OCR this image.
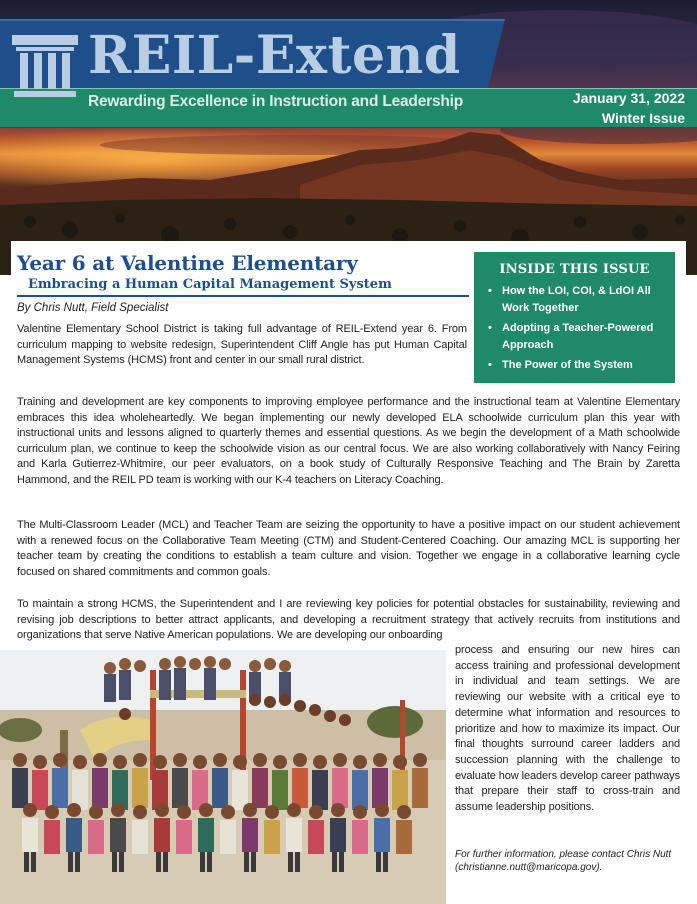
REIL-Extend
Rewarding Excellence in Instruction and Leadership	January 31, 2022
Winter Issue
Year 6 at Valentine Elementary
Embracing a Human Capital Management System
By Chris Nutt, Field Specialist

Valentine Elementary School District is taking full advantage of REIL-Extend year 6. From curriculum mapping to website redesign, Superintendent Cliff Angle has put Human Capital Management Systems (HCMS) front and center in our small rural district.

Training and development are key components to improving employee performance and the instructional team at Valentine Elementary embraces this idea wholeheartedly. We began implementing our newly developed ELA schoolwide curriculum plan this year with instructional units and lessons aligned to quarterly themes and essential questions. As we begin the development of a Math schoolwide curriculum plan, we continue to keep the schoolwide vision as our central focus. We are also working collaboratively with Nancy Feiring and Karla Gutierrez-Whitmire, our peer evaluators, on a book study of Culturally Responsive Teaching and The Brain by Zaretta Hammond, and the REIL PD team is working with our K-4 teachers on Literacy Coaching.

The Multi-Classroom Leader (MCL) and Teacher Team are seizing the opportunity to have a positive impact on our student achievement with a renewed focus on the Collaborative Team Meeting (CTM) and Student-Centered Coaching. Our amazing MCL is supporting her teacher team by creating the conditions to establish a team culture and vision. Together we engage in a collaborative learning cycle focused on shared commitments and common goals.

To maintain a strong HCMS, the Superintendent and I are reviewing key policies for potential obstacles for sustainability, reviewing and revising job descriptions to better attract applicants, and developing a recruitment strategy that actively recruits from institutions and organizations that serve Native American populations. We are developing our onboarding

process and ensuring our new hires can access training and professional development in individual and team settings. We are reviewing our website with a critical eye to determine what information and resources to prioritize and how to maximize its impact. Our final thoughts surround career ladders and succession planning with the challenge to evaluate how leaders develop career pathways that prepare their staff to cross-train and assume leadership positions.

For further information, please contact Chris Nutt (christianne.nutt@maricopa.gov).
INSIDE THIS ISSUE
• How the LOI, COI, & LdOI All Work Together
• Adopting a Teacher-Powered Approach
• The Power of the System
